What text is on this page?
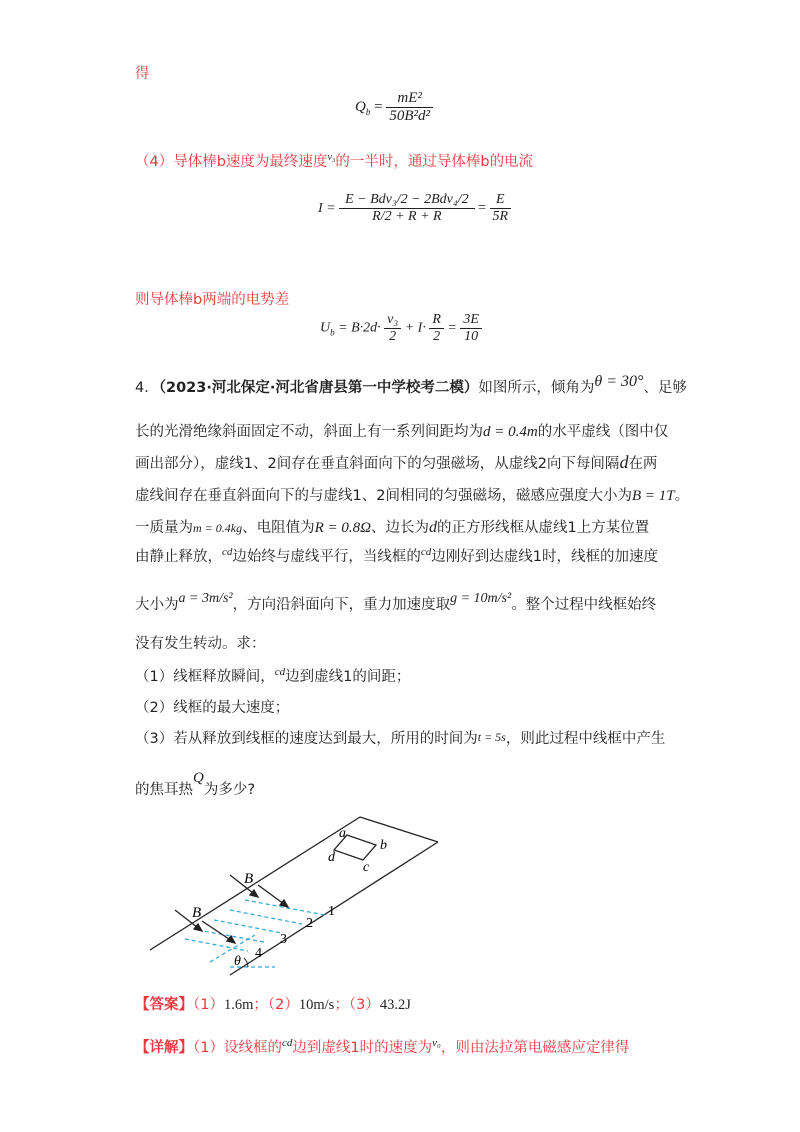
得
$Q_b = \frac{\text{mE²}}{\text{50B²d²}}$
（4）导体棒b速度为最终速度$^{v_3}$的一半时，通过导体棒b的电流
$I = \frac{\text{E − Bdv₃/2 − 2Bdv₄/2}}{R/2 + R + R} = \frac{E}{5R}$
则导体棒b两端的电势差
$U_b = B\cdot 2d\cdot \frac{\text{v₃}}{2} + I\cdot \frac{R}{2} = \frac{3E}{10}$
4．（2023·河北保定·河北省唐县第一中学校考二模）如图所示，倾角为θ = 30°、足够
长的光滑绝缘斜面固定不动，斜面上有一系列间距均为d = 0.4m的水平虚线（图中仅
画出部分），虚线1、2间存在垂直斜面向下的匀强磁场，从虚线2向下每间隔d在两
虚线间存在垂直斜面向下的与虚线1、2间相同的匀强磁场，磁感应强度大小为B = 1T。
一质量为m = 0.4kg、电阻值为R = 0.8Ω、边长为d的正方形线框从虚线1上方某位置
由静止释放，$^{cd}$边始终与虚线平行，当线框的$^{cd}$边刚好到达虚线1时，线框的加速度
大小为a = 3m/s²，方向沿斜面向下，重力加速度取g = 10m/s²。整个过程中线框始终
没有发生转动。求：
（1）线框释放瞬间，$^{cd}$边到虚线1的间距；
（2）线框的最大速度；
（3）若从释放到线框的速度达到最大，所用的时间为t = 5s，则此过程中线框中产生
的焦耳热Q为多少?
a
b
c
d
B
B	1
2
3
4
θ
【答案】（1）1.6m；（2）10m/s；（3）43.2J
【详解】（1）设线框的$^{cd}$边到虚线1时的速度为$^{v_0}$，则由法拉第电磁感应定律得
